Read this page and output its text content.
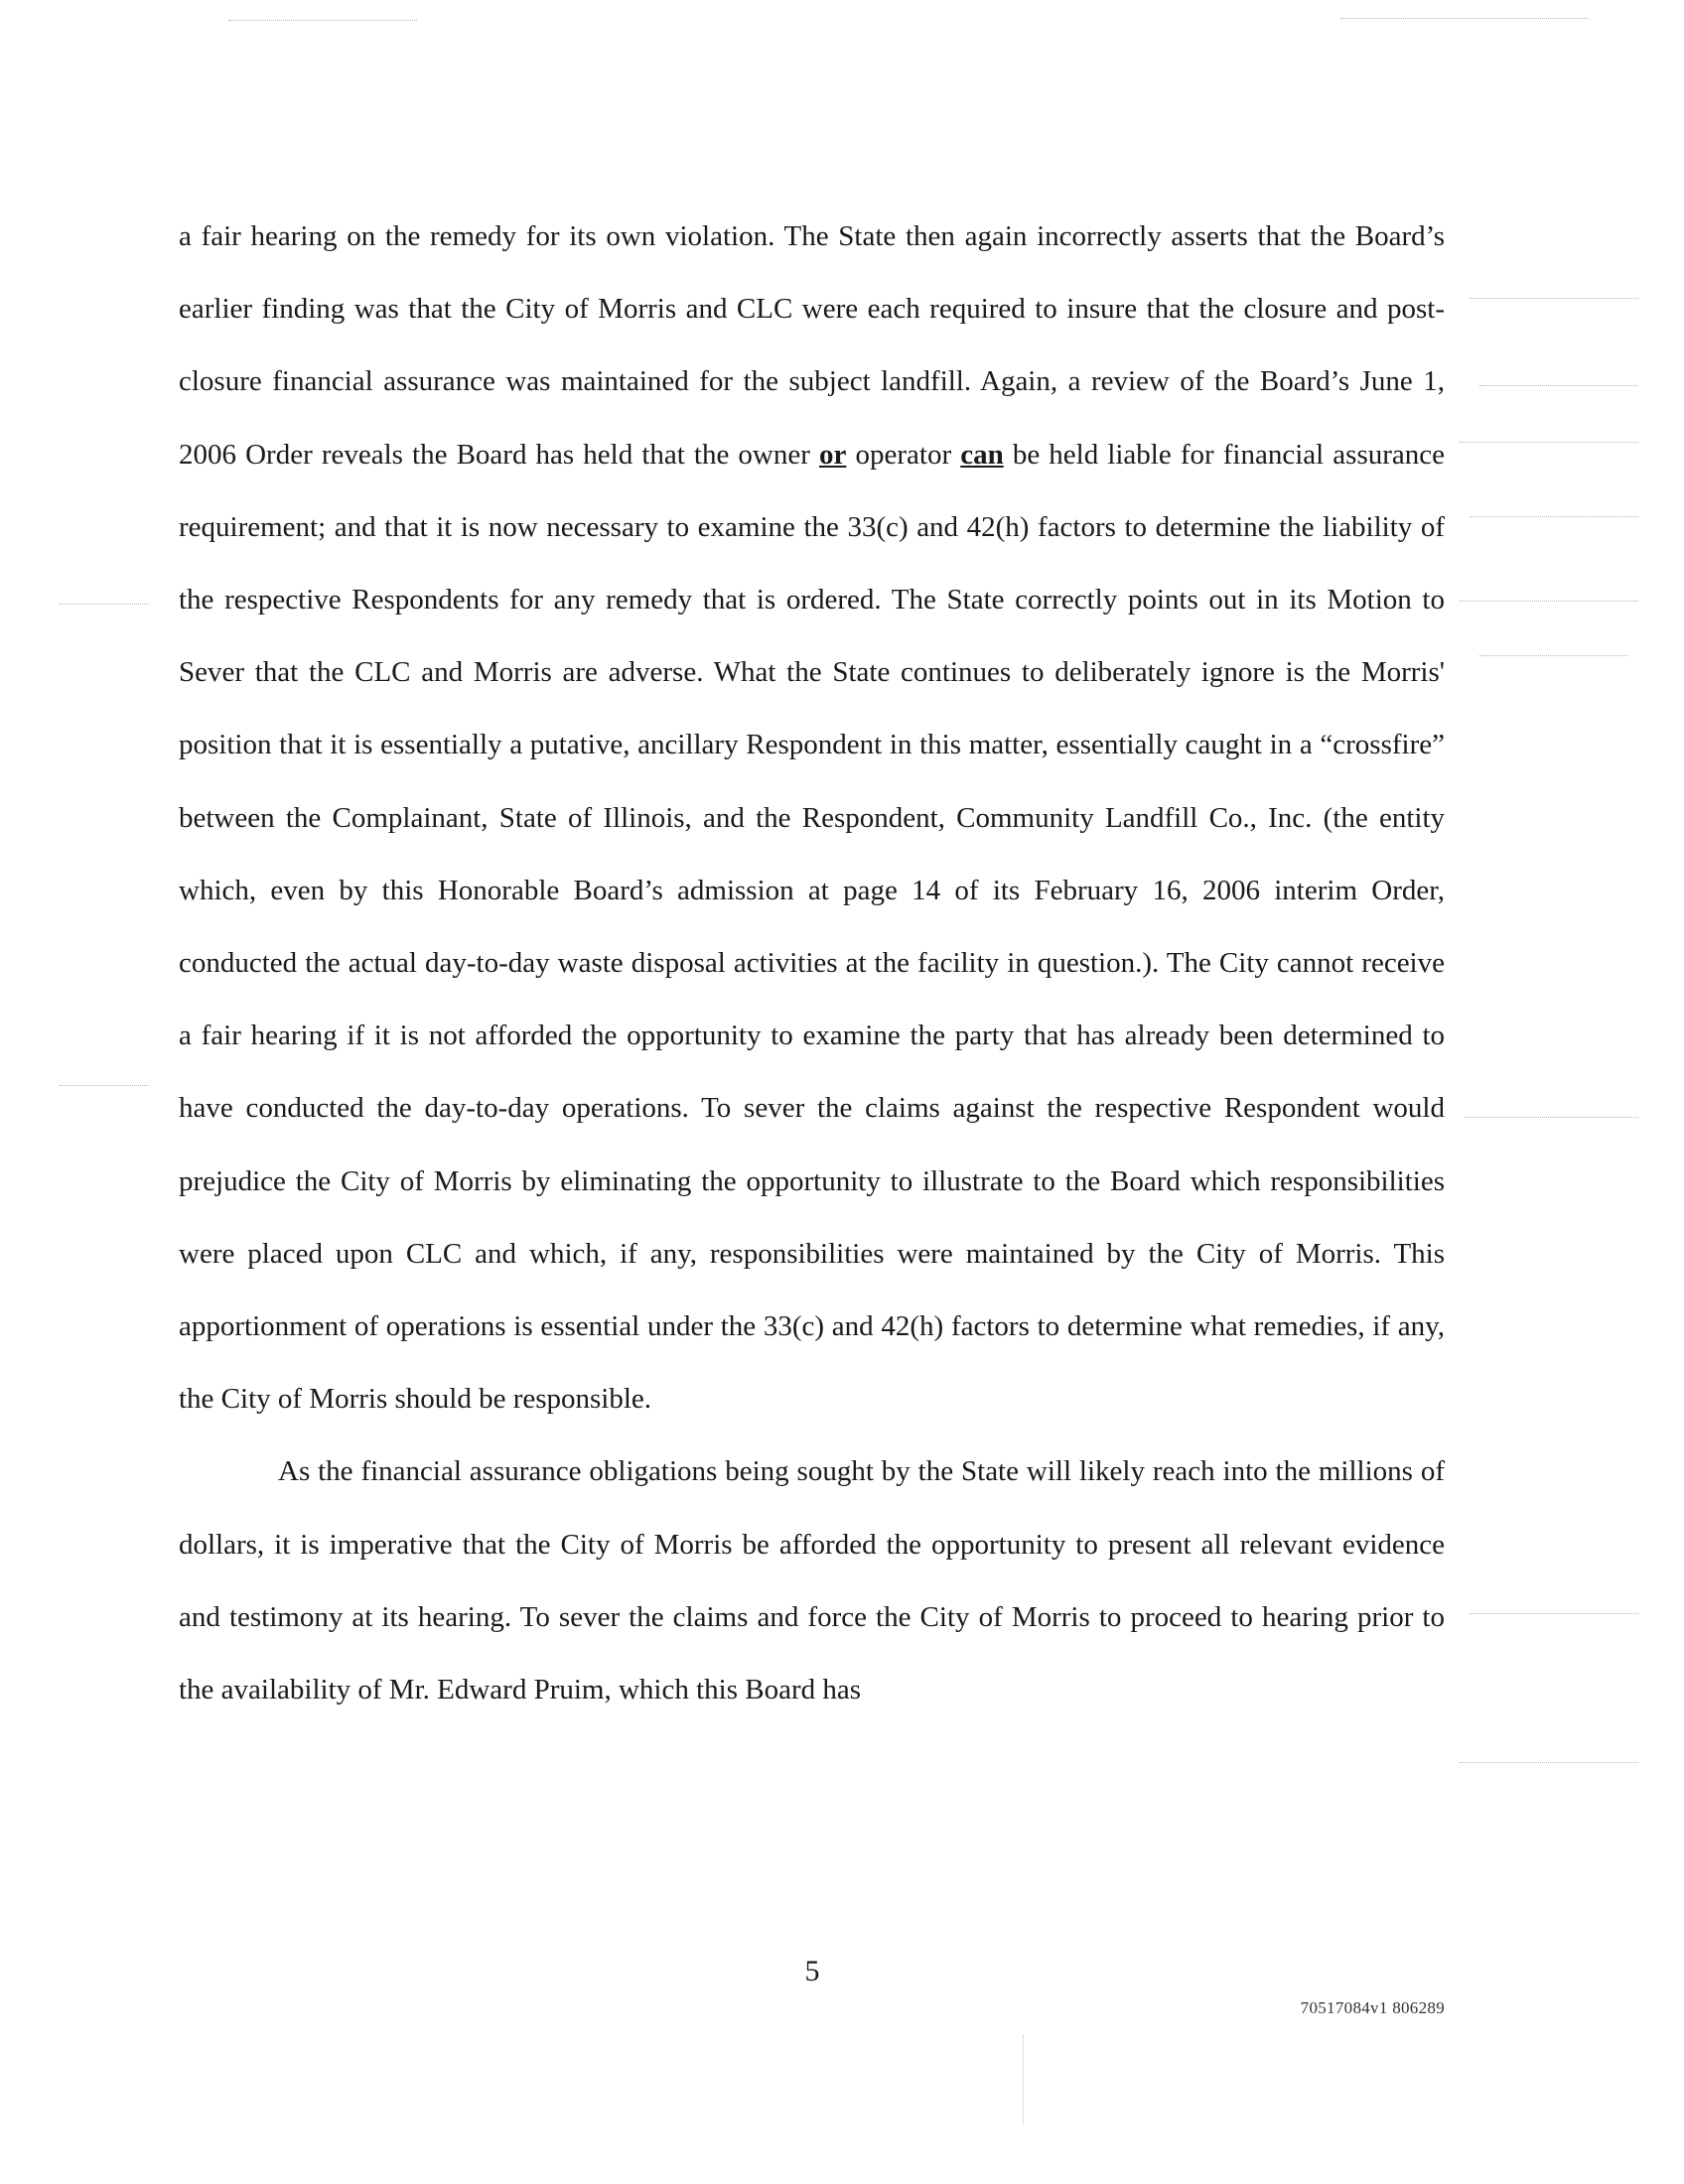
a fair hearing on the remedy for its own violation. The State then again incorrectly asserts that the Board’s earlier finding was that the City of Morris and CLC were each required to insure that the closure and post-closure financial assurance was maintained for the subject landfill. Again, a review of the Board’s June 1, 2006 Order reveals the Board has held that the owner or operator can be held liable for financial assurance requirement; and that it is now necessary to examine the 33(c) and 42(h) factors to determine the liability of the respective Respondents for any remedy that is ordered. The State correctly points out in its Motion to Sever that the CLC and Morris are adverse. What the State continues to deliberately ignore is the Morris' position that it is essentially a putative, ancillary Respondent in this matter, essentially caught in a “crossfire” between the Complainant, State of Illinois, and the Respondent, Community Landfill Co., Inc. (the entity which, even by this Honorable Board’s admission at page 14 of its February 16, 2006 interim Order, conducted the actual day-to-day waste disposal activities at the facility in question.). The City cannot receive a fair hearing if it is not afforded the opportunity to examine the party that has already been determined to have conducted the day-to-day operations. To sever the claims against the respective Respondent would prejudice the City of Morris by eliminating the opportunity to illustrate to the Board which responsibilities were placed upon CLC and which, if any, responsibilities were maintained by the City of Morris. This apportionment of operations is essential under the 33(c) and 42(h) factors to determine what remedies, if any, the City of Morris should be responsible.

As the financial assurance obligations being sought by the State will likely reach into the millions of dollars, it is imperative that the City of Morris be afforded the opportunity to present all relevant evidence and testimony at its hearing. To sever the claims and force the City of Morris to proceed to hearing prior to the availability of Mr. Edward Pruim, which this Board has

5
70517084v1 806289
